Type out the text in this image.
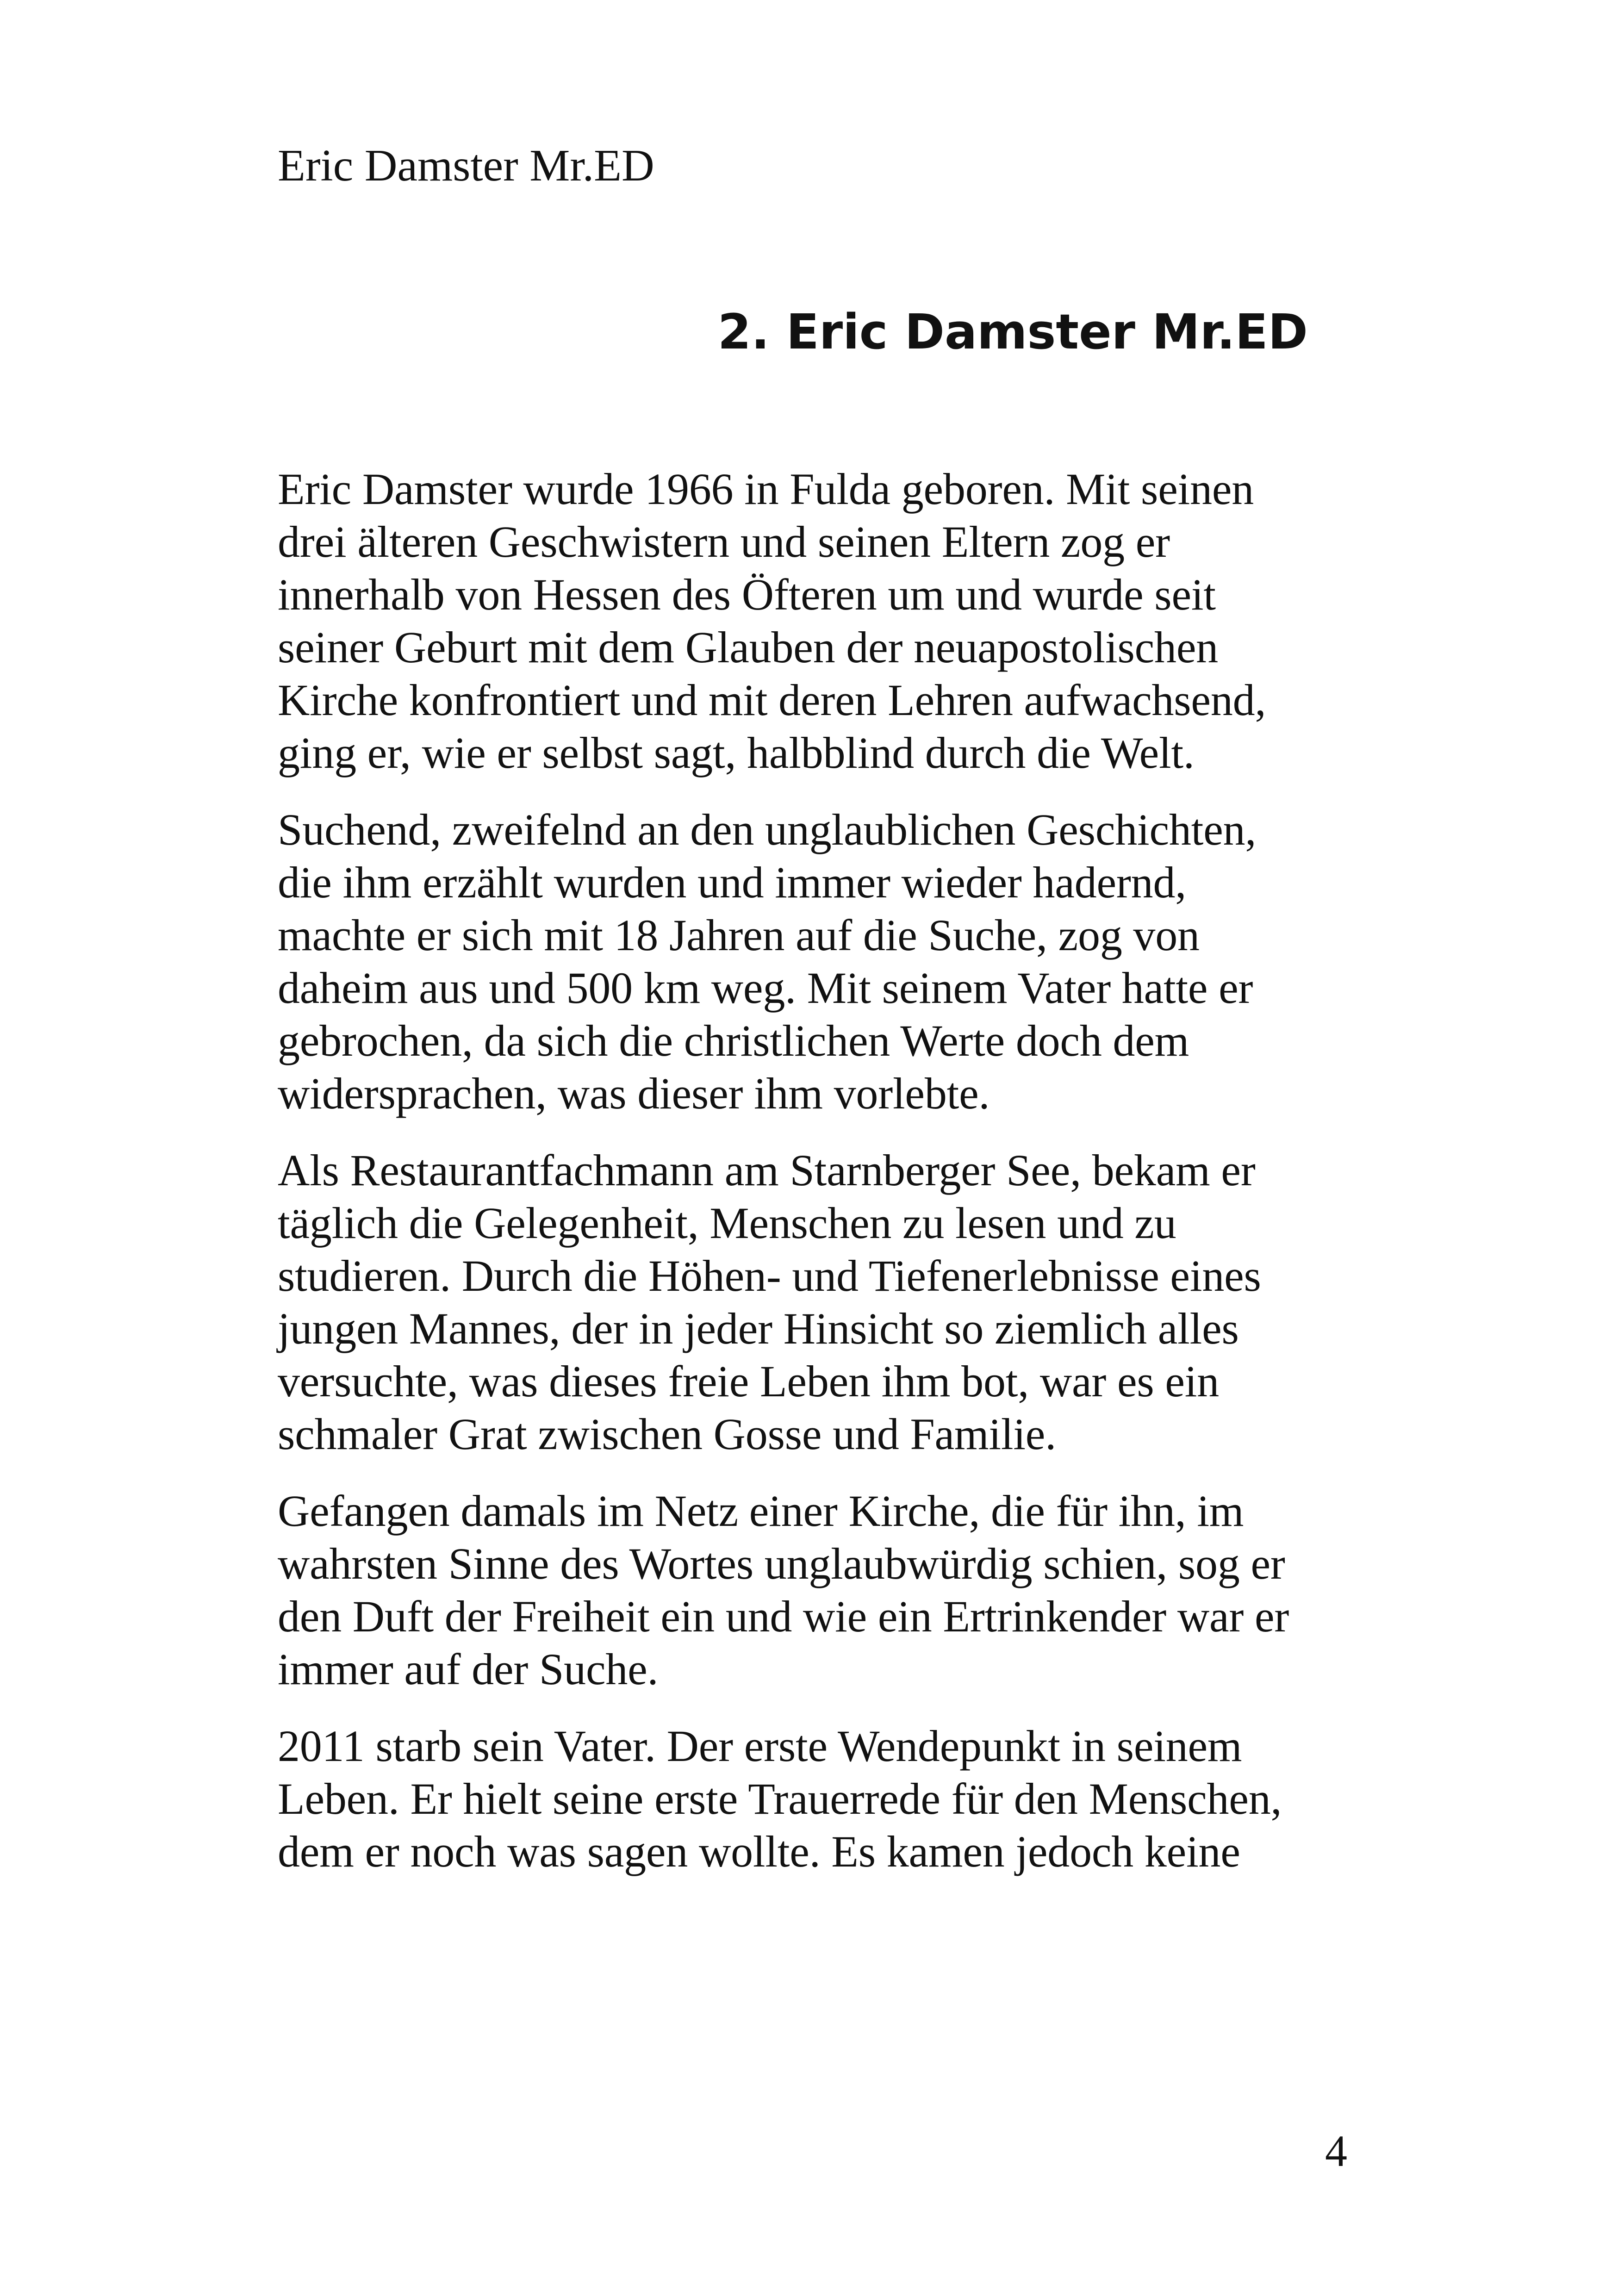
Eric Damster Mr.ED
2. Eric Damster Mr.ED

Eric Damster wurde 1966 in Fulda geboren. Mit seinen
drei älteren Geschwistern und seinen Eltern zog er
innerhalb von Hessen des Öfteren um und wurde seit
seiner Geburt mit dem Glauben der neuapostolischen
Kirche konfrontiert und mit deren Lehren aufwachsend,
ging er, wie er selbst sagt, halbblind durch die Welt.

Suchend, zweifelnd an den unglaublichen Geschichten,
die ihm erzählt wurden und immer wieder hadernd,
machte er sich mit 18 Jahren auf die Suche, zog von
daheim aus und 500 km weg. Mit seinem Vater hatte er
gebrochen, da sich die christlichen Werte doch dem
widersprachen, was dieser ihm vorlebte.

Als Restaurantfachmann am Starnberger See, bekam er
täglich die Gelegenheit, Menschen zu lesen und zu
studieren. Durch die Höhen- und Tiefenerlebnisse eines
jungen Mannes, der in jeder Hinsicht so ziemlich alles
versuchte, was dieses freie Leben ihm bot, war es ein
schmaler Grat zwischen Gosse und Familie.

Gefangen damals im Netz einer Kirche, die für ihn, im
wahrsten Sinne des Wortes unglaubwürdig schien, sog er
den Duft der Freiheit ein und wie ein Ertrinkender war er
immer auf der Suche.

2011 starb sein Vater. Der erste Wendepunkt in seinem
Leben. Er hielt seine erste Trauerrede für den Menschen,
dem er noch was sagen wollte. Es kamen jedoch keine

4
